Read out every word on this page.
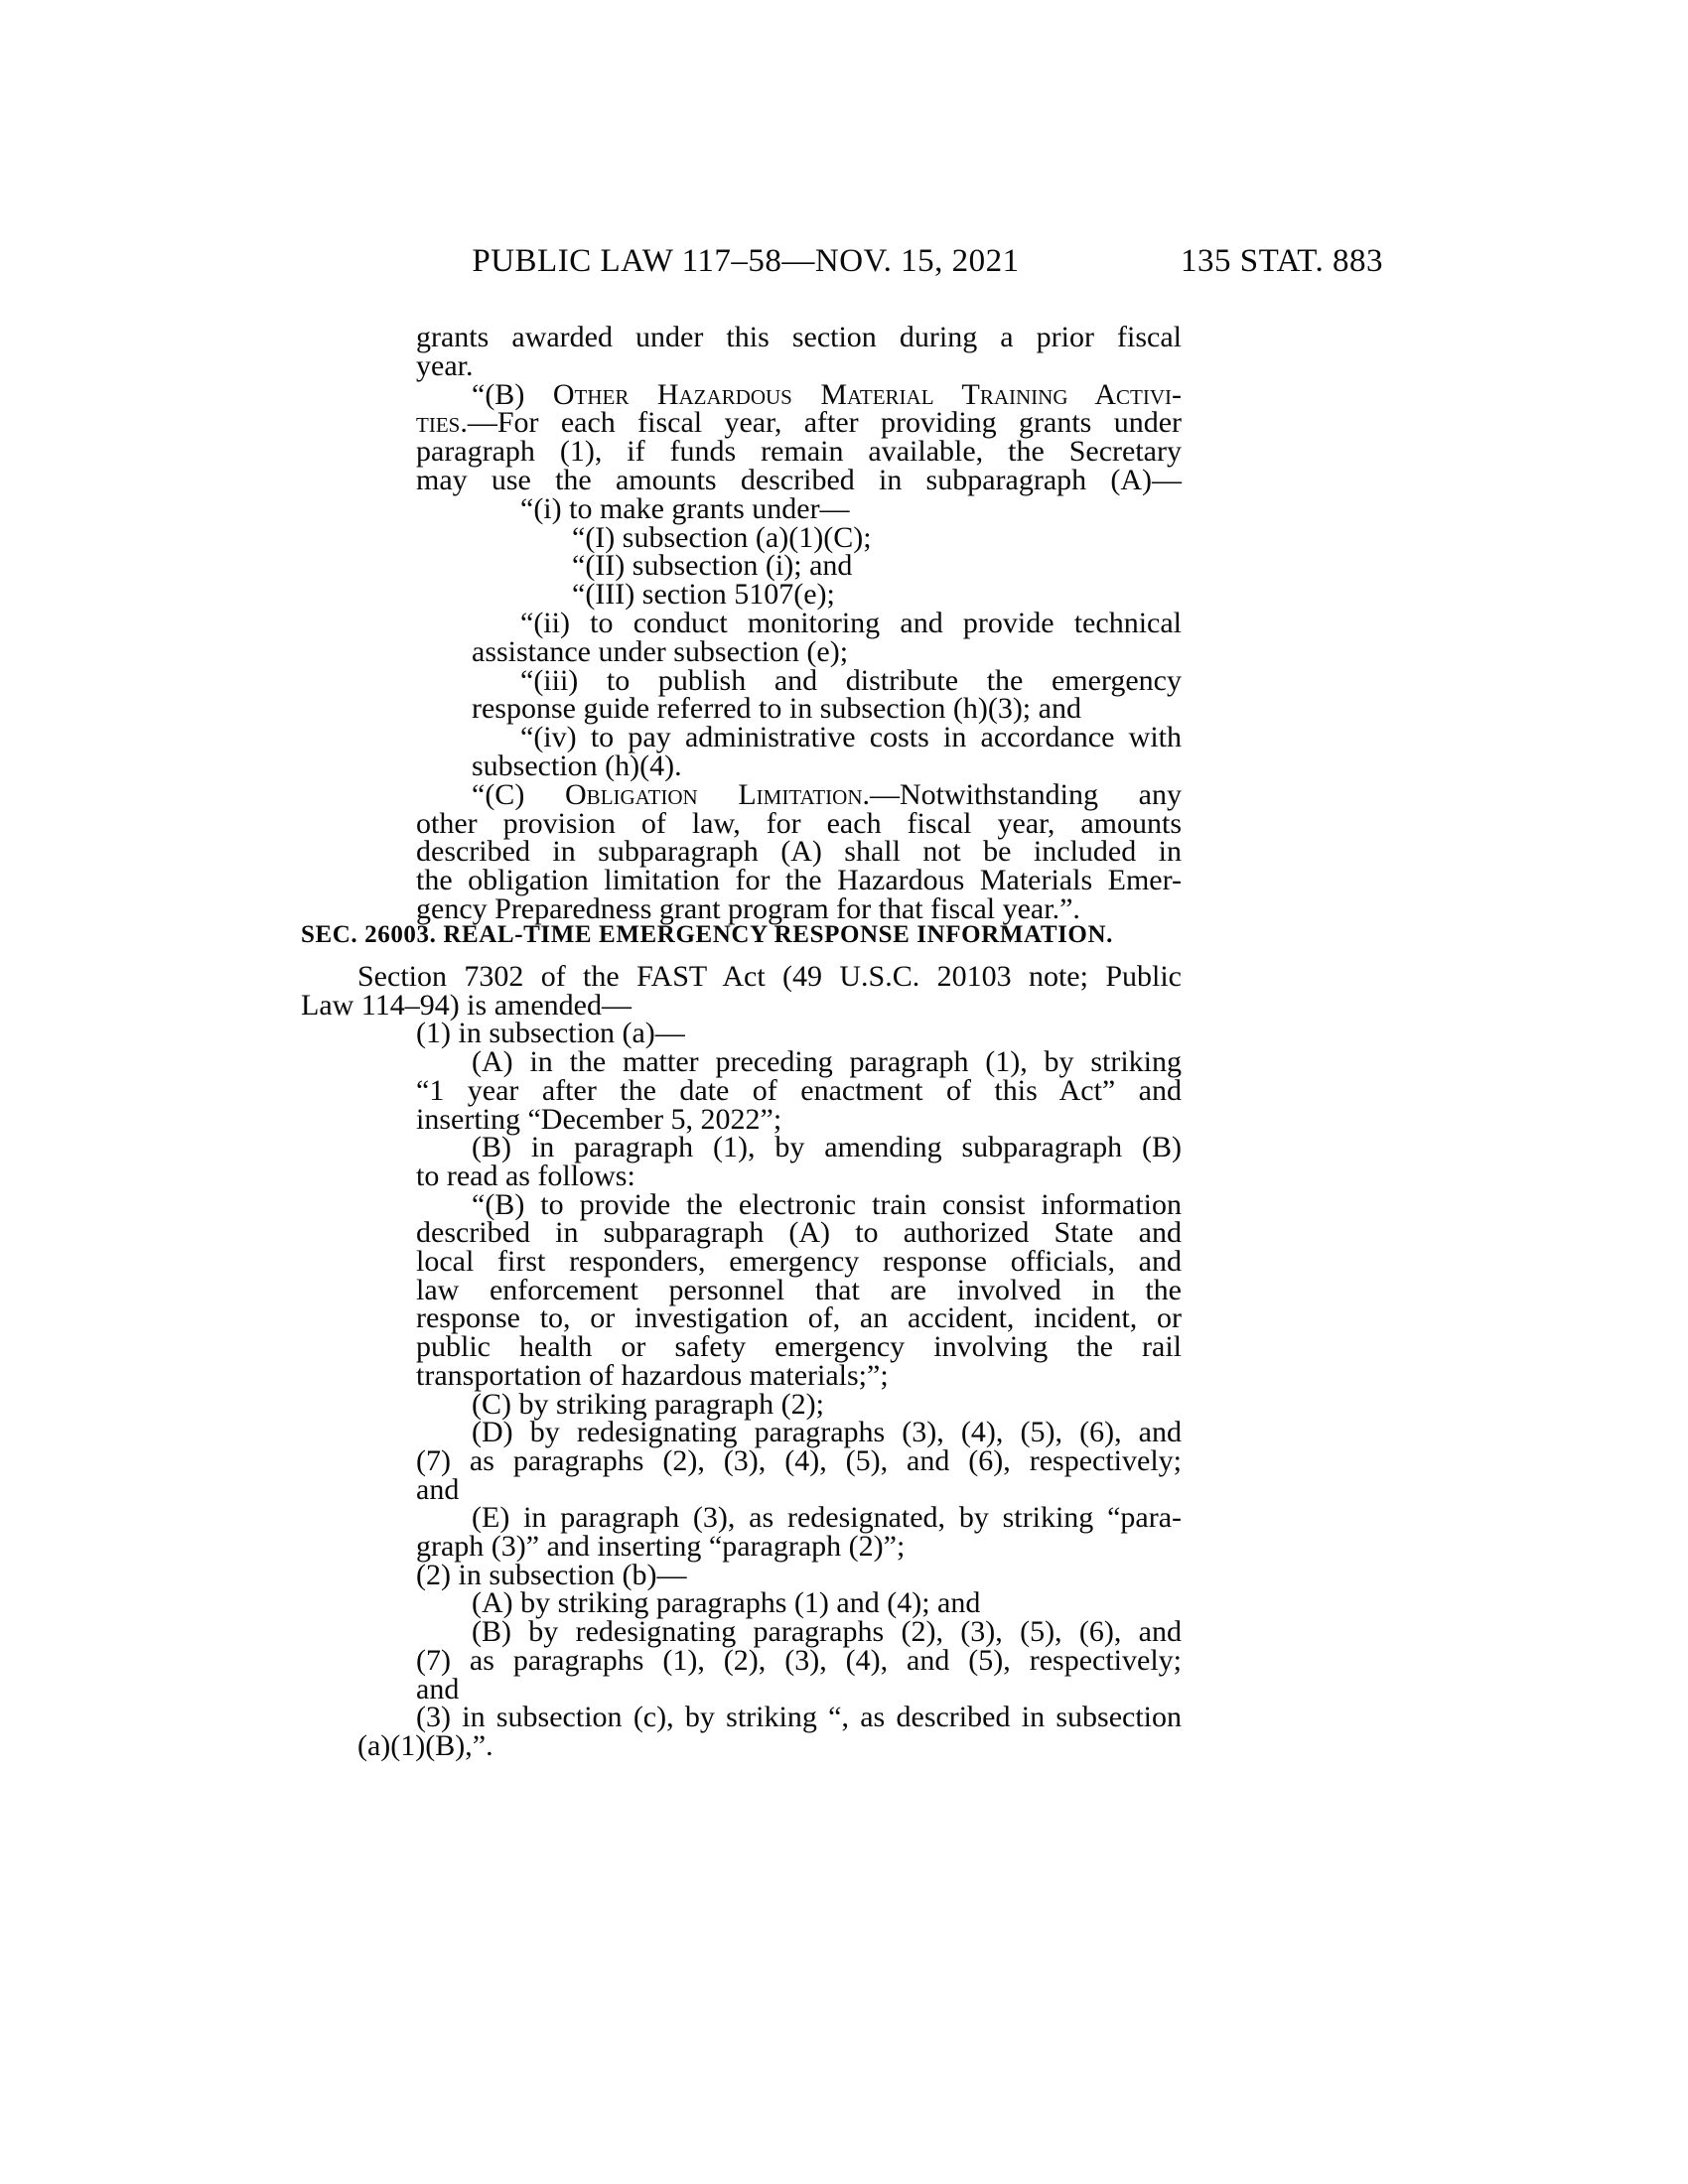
PUBLIC LAW 117–58—NOV. 15, 2021	135 STAT. 883
SEC. 26003. REAL-TIME EMERGENCY RESPONSE INFORMATION.
grants awarded under this section during a prior fiscal
year.
“(B) Other Hazardous Material Training Activi-
ties.—For each fiscal year, after providing grants under
paragraph (1), if funds remain available, the Secretary
may use the amounts described in subparagraph (A)—
“(i) to make grants under—
“(I) subsection (a)(1)(C);
“(II) subsection (i); and
“(III) section 5107(e);
“(ii) to conduct monitoring and provide technical
assistance under subsection (e);
“(iii) to publish and distribute the emergency
response guide referred to in subsection (h)(3); and
“(iv) to pay administrative costs in accordance with
subsection (h)(4).
“(C) Obligation Limitation.—Notwithstanding any
other provision of law, for each fiscal year, amounts
described in subparagraph (A) shall not be included in
the obligation limitation for the Hazardous Materials Emer-
gency Preparedness grant program for that fiscal year.”.
Section 7302 of the FAST Act (49 U.S.C. 20103 note; Public
Law 114–94) is amended—
(1) in subsection (a)—
(A) in the matter preceding paragraph (1), by striking
“1 year after the date of enactment of this Act” and
inserting “December 5, 2022”;
(B) in paragraph (1), by amending subparagraph (B)
to read as follows:
“(B) to provide the electronic train consist information
described in subparagraph (A) to authorized State and
local first responders, emergency response officials, and
law enforcement personnel that are involved in the
response to, or investigation of, an accident, incident, or
public health or safety emergency involving the rail
transportation of hazardous materials;”;
(C) by striking paragraph (2);
(D) by redesignating paragraphs (3), (4), (5), (6), and
(7) as paragraphs (2), (3), (4), (5), and (6), respectively;
and
(E) in paragraph (3), as redesignated, by striking “para-
graph (3)” and inserting “paragraph (2)”;
(2) in subsection (b)—
(A) by striking paragraphs (1) and (4); and
(B) by redesignating paragraphs (2), (3), (5), (6), and
(7) as paragraphs (1), (2), (3), (4), and (5), respectively;
and
(3) in subsection (c), by striking “, as described in subsection
(a)(1)(B),”.
